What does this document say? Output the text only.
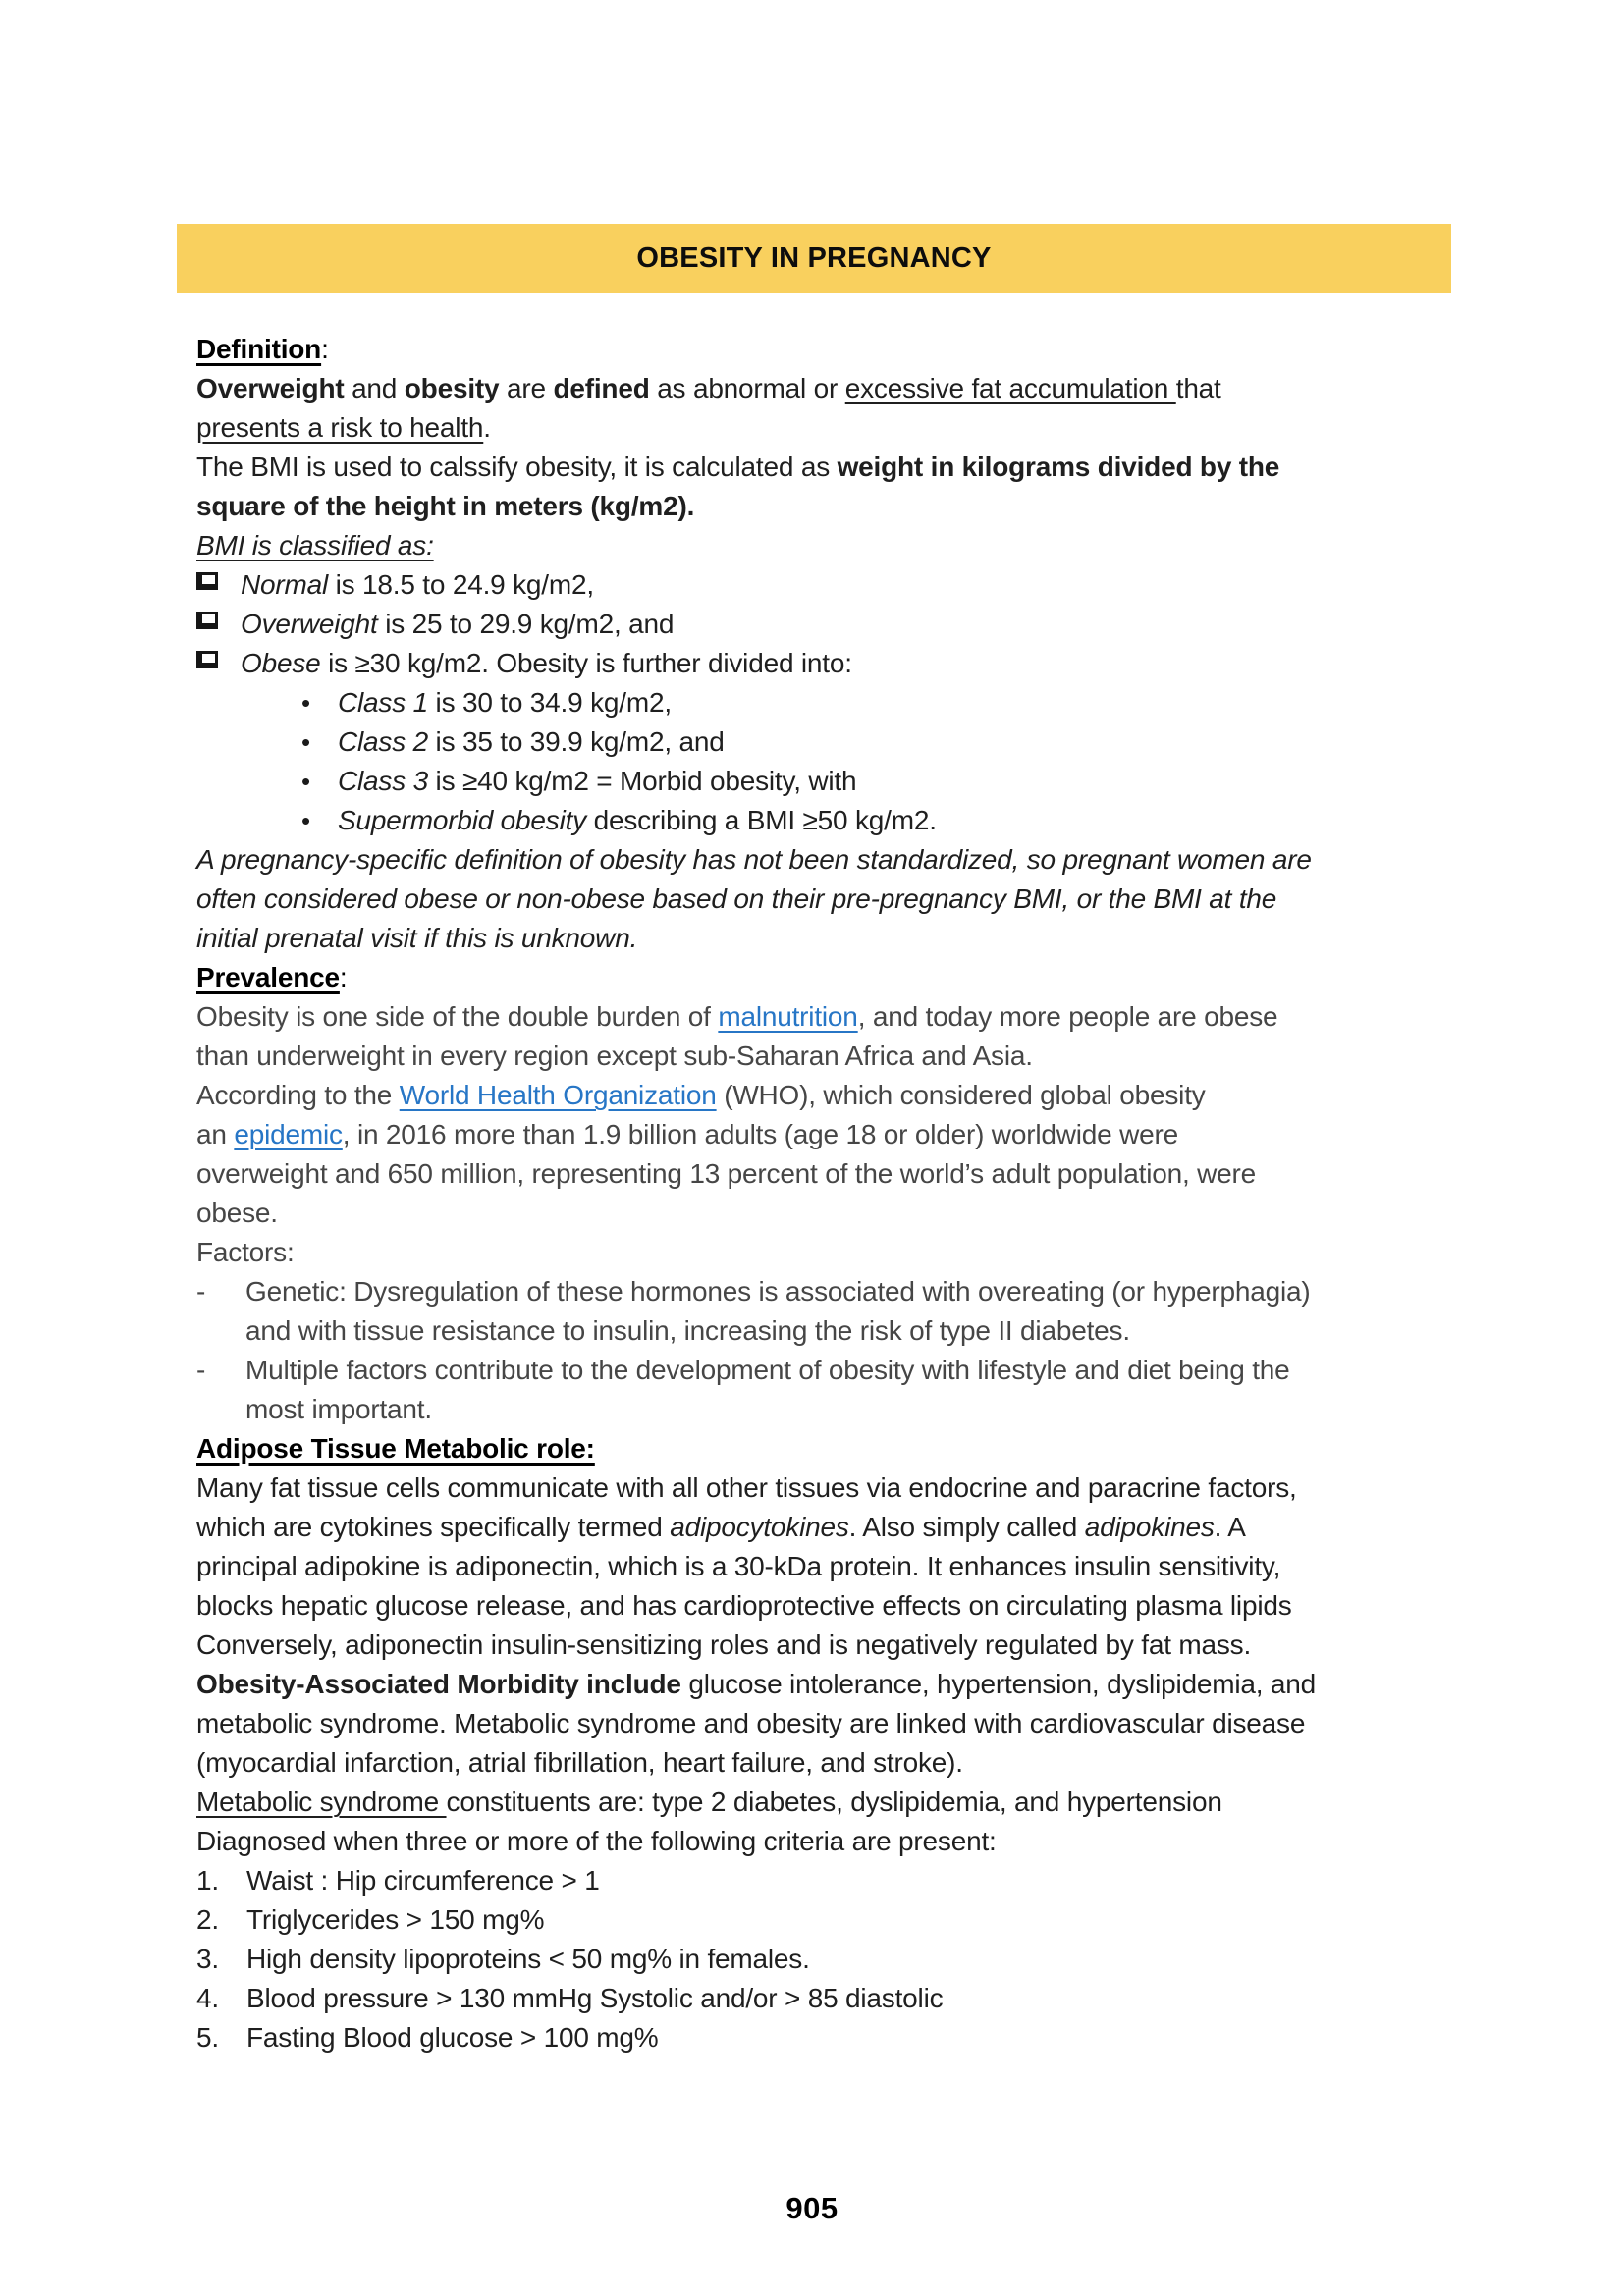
OBESITY IN PREGNANCY
Definition:
Overweight and obesity are defined as abnormal or excessive fat accumulation that
presents a risk to health.
The BMI is used to calssify obesity, it is calculated as weight in kilograms divided by the
square of the height in meters (kg/m2).
BMI is classified as:
Normal is 18.5 to 24.9 kg/m2,
Overweight is 25 to 29.9 kg/m2, and
Obese is ≥30 kg/m2. Obesity is further divided into:
•	Class 1 is 30 to 34.9 kg/m2,
•	Class 2 is 35 to 39.9 kg/m2, and
•	Class 3 is ≥40 kg/m2 = Morbid obesity, with
•	Supermorbid obesity describing a BMI ≥50 kg/m2.
A pregnancy-specific definition of obesity has not been standardized, so pregnant women are
often considered obese or non-obese based on their pre-pregnancy BMI, or the BMI at the
initial prenatal visit if this is unknown.
Prevalence:
Obesity is one side of the double burden of malnutrition, and today more people are obese
than underweight in every region except sub-Saharan Africa and Asia.
According to the World Health Organization (WHO), which considered global obesity
an epidemic, in 2016 more than 1.9 billion adults (age 18 or older) worldwide were
overweight and 650 million, representing 13 percent of the world’s adult population, were
obese.
Factors:
-	Genetic: Dysregulation of these hormones is associated with overeating (or hyperphagia)
and with tissue resistance to insulin, increasing the risk of type II diabetes.
-	Multiple factors contribute to the development of obesity with lifestyle and diet being the
most important.
Adipose Tissue Metabolic role:
Many fat tissue cells communicate with all other tissues via endocrine and paracrine factors,
which are cytokines specifically termed adipocytokines. Also simply called adipokines. A
principal adipokine is adiponectin, which is a 30-kDa protein. It enhances insulin sensitivity,
blocks hepatic glucose release, and has cardioprotective effects on circulating plasma lipids
Conversely, adiponectin insulin-sensitizing roles and is negatively regulated by fat mass.
Obesity-Associated Morbidity include glucose intolerance, hypertension, dyslipidemia, and
metabolic syndrome. Metabolic syndrome and obesity are linked with cardiovascular disease
(myocardial infarction, atrial fibrillation, heart failure, and stroke).
Metabolic syndrome constituents are: type 2 diabetes, dyslipidemia, and hypertension
Diagnosed when three or more of the following criteria are present:
1.	Waist : Hip circumference > 1
2.	Triglycerides > 150 mg%
3.	High density lipoproteins < 50 mg% in females.
4.	Blood pressure > 130 mmHg Systolic and/or > 85 diastolic
5.	Fasting Blood glucose > 100 mg%
905
